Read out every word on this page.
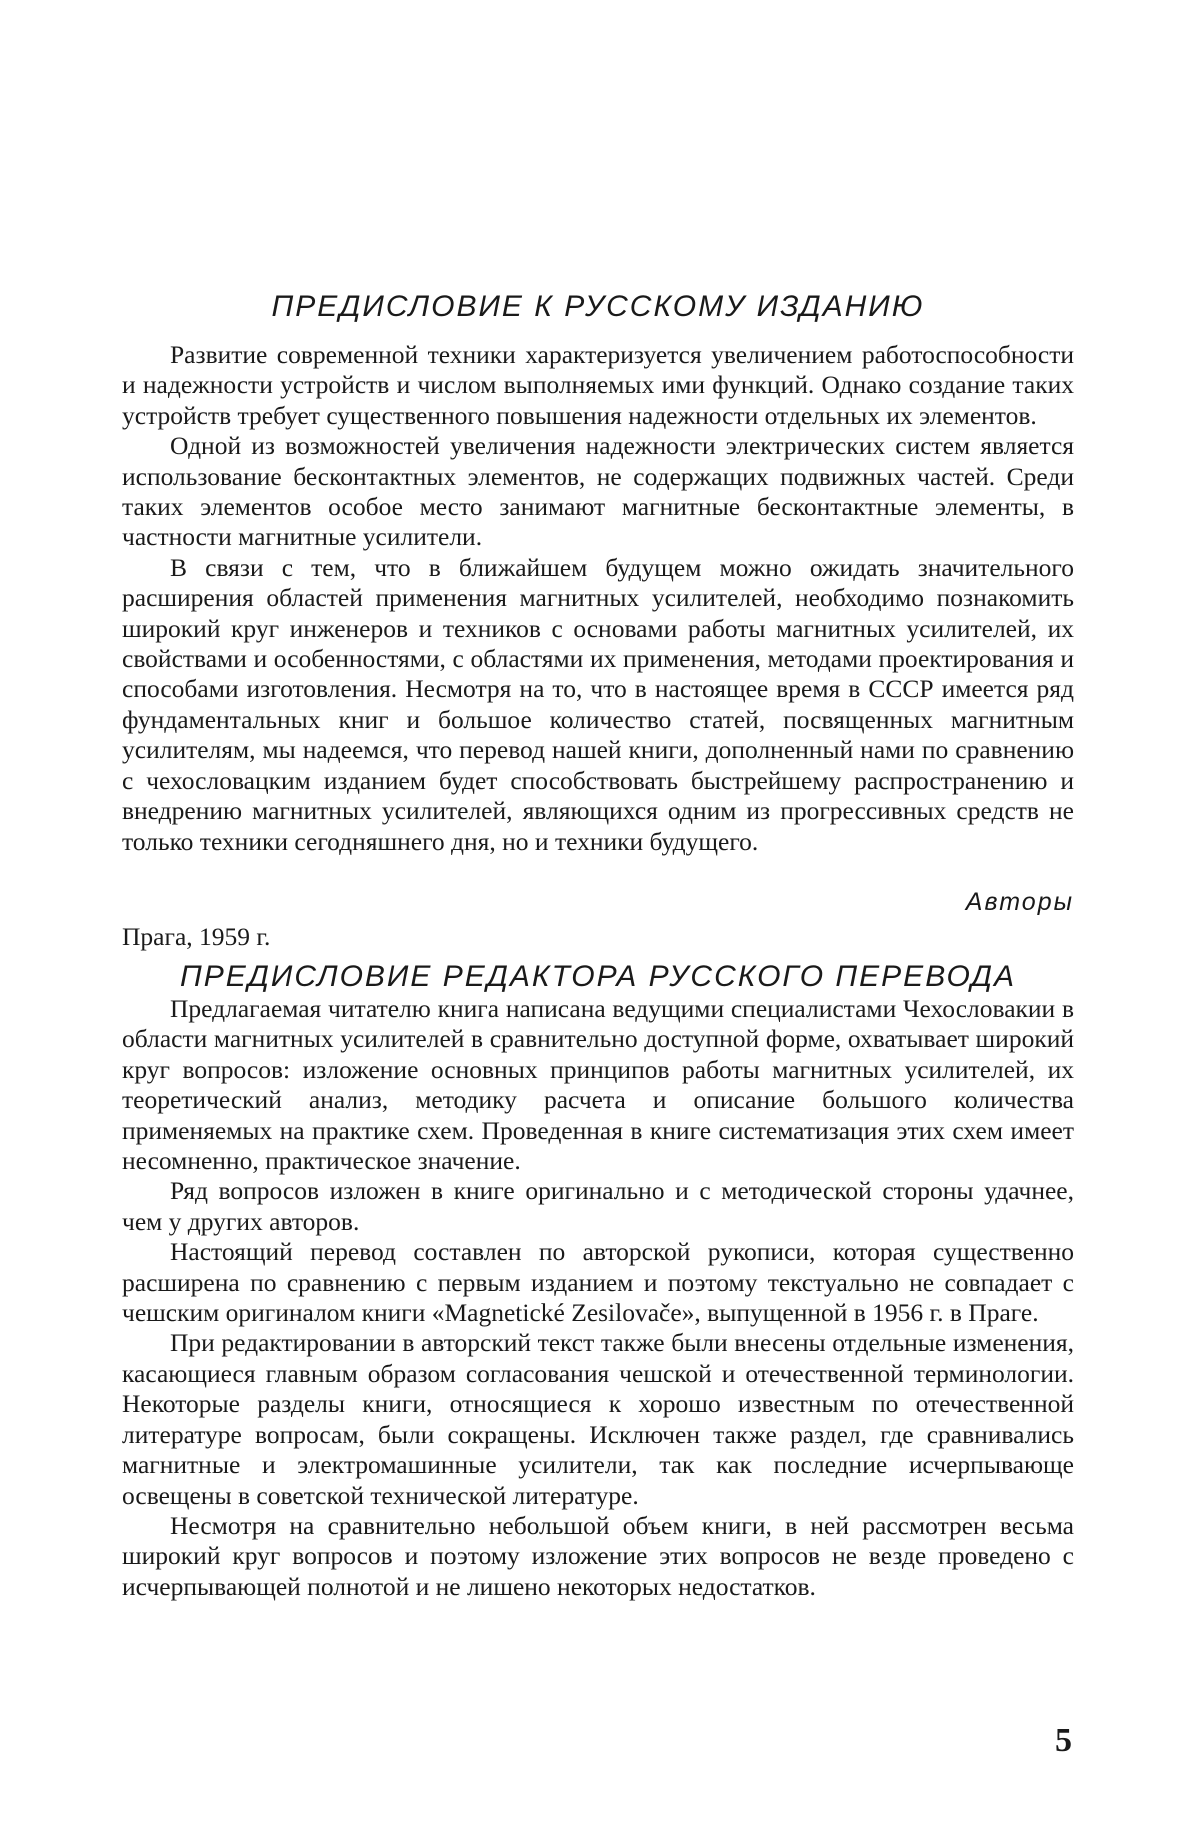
ПРЕДИСЛОВИЕ К РУССКОМУ ИЗДАНИЮ

Развитие современной техники характеризуется увеличением работоспособности и надежности устройств и числом выполняемых ими функций. Однако создание таких устройств требует существенного повышения надежности отдельных их элементов.

Одной из возможностей увеличения надежности электрических систем является использование бесконтактных элементов, не содержащих подвижных частей. Среди таких элементов особое место занимают магнитные бесконтактные элементы, в частности магнитные усилители.

В связи с тем, что в ближайшем будущем можно ожидать значительного расширения областей применения магнитных усилителей, необходимо познакомить широкий круг инженеров и техников с основами работы магнитных усилителей, их свойствами и особенностями, с областями их применения, методами проектирования и способами изготовления. Несмотря на то, что в настоящее время в СССР имеется ряд фундаментальных книг и большое количество статей, посвященных магнитным усилителям, мы надеемся, что перевод нашей книги, дополненный нами по сравнению с чехословацким изданием будет способствовать быстрейшему распространению и внедрению магнитных усилителей, являющихся одним из прогрессивных средств не только техники сегодняшнего дня, но и техники будущего.

Авторы
Прага, 1959 г.
ПРЕДИСЛОВИЕ РЕДАКТОРА РУССКОГО ПЕРЕВОДА

Предлагаемая читателю книга написана ведущими специалистами Чехословакии в области магнитных усилителей в сравнительно доступной форме, охватывает широкий круг вопросов: изложение основных принципов работы магнитных усилителей, их теоретический анализ, методику расчета и описание большого количества применяемых на практике схем. Проведенная в книге систематизация этих схем имеет несомненно, практическое значение.

Ряд вопросов изложен в книге оригинально и с методической стороны удачнее, чем у других авторов.

Настоящий перевод составлен по авторской рукописи, которая существенно расширена по сравнению с первым изданием и поэтому текстуально не совпадает с чешским оригиналом книги «Magnetické Zesilovače», выпущенной в 1956 г. в Праге.

При редактировании в авторский текст также были внесены отдельные изменения, касающиеся главным образом согласования чешской и отечественной терминологии. Некоторые разделы книги, относящиеся к хорошо известным по отечественной литературе вопросам, были сокращены. Исключен также раздел, где сравнивались магнитные и электромашинные усилители, так как последние исчерпывающе освещены в советской технической литературе.

Несмотря на сравнительно небольшой объем книги, в ней рассмотрен весьма широкий круг вопросов и поэтому изложение этих вопросов не везде проведено с исчерпывающей полнотой и не лишено некоторых недостатков.

5
